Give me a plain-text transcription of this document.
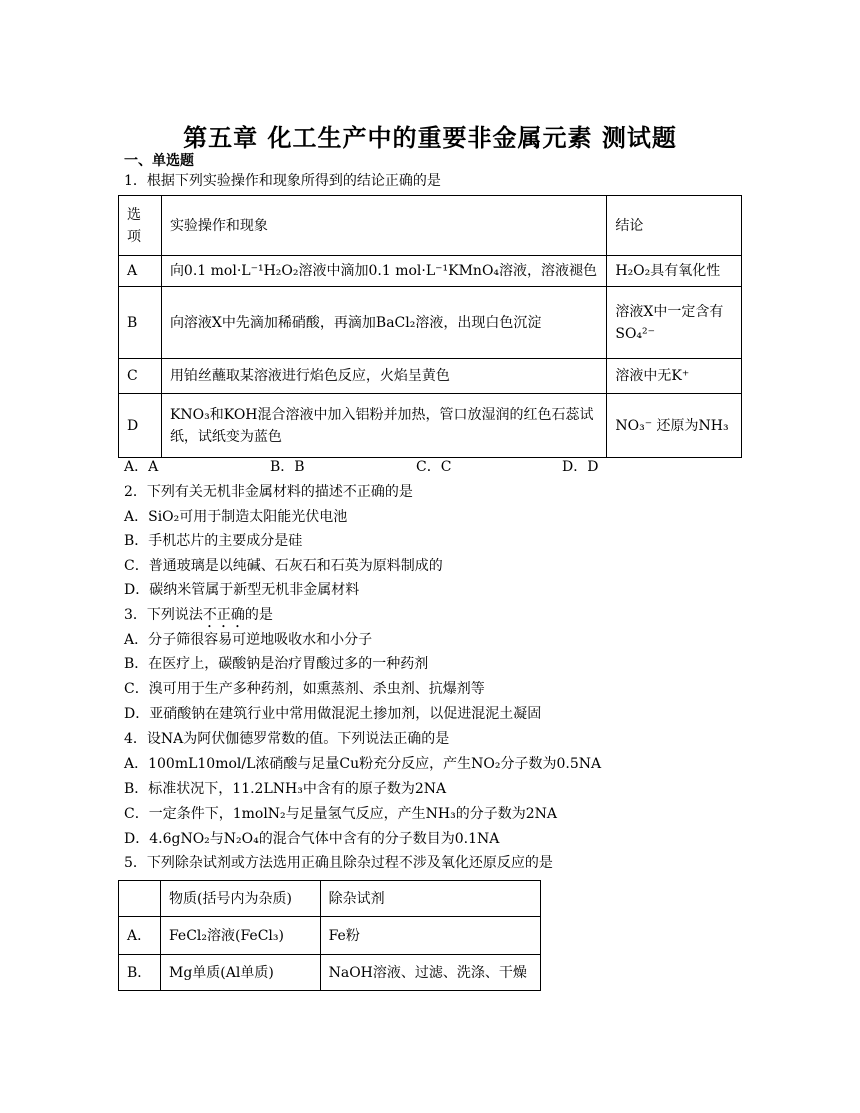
第五章 化工生产中的重要非金属元素 测试题
一、单选题
1．根据下列实验操作和现象所得到的结论正确的是
选项	实验操作和现象	结论
A	向0.1 mol·L⁻¹H₂O₂溶液中滴加0.1 mol·L⁻¹KMnO₄溶液，溶液褪色	H₂O₂具有氧化性
B	向溶液X中先滴加稀硝酸，再滴加BaCl₂溶液，出现白色沉淀	溶液X中一定含有SO₄²⁻
C	用铂丝蘸取某溶液进行焰色反应，火焰呈黄色	溶液中无K⁺
D	KNO₃和KOH混合溶液中加入铝粉并加热，管口放湿润的红色石蕊试纸，试纸变为蓝色	NO₃⁻ 还原为NH₃
A．A	B．B	C．C	D．D
2．下列有关无机非金属材料的描述不正确的是
A．SiO₂可用于制造太阳能光伏电池
B．手机芯片的主要成分是硅
C．普通玻璃是以纯碱、石灰石和石英为原料制成的
D．碳纳米管属于新型无机非金属材料
3．下列说法不正确的是
A．分子筛很容易可逆地吸收水和小分子
B．在医疗上，碳酸钠是治疗胃酸过多的一种药剂
C．溴可用于生产多种药剂，如熏蒸剂、杀虫剂、抗爆剂等
D．亚硝酸钠在建筑行业中常用做混泥土掺加剂，以促进混泥土凝固
4．设NA为阿伏伽德罗常数的值。下列说法正确的是
A．100mL10mol/L浓硝酸与足量Cu粉充分反应，产生NO₂分子数为0.5NA
B．标准状况下，11.2LNH₃中含有的原子数为2NA
C．一定条件下，1molN₂与足量氢气反应，产生NH₃的分子数为2NA
D．4.6gNO₂与N₂O₄的混合气体中含有的分子数目为0.1NA
5．下列除杂试剂或方法选用正确且除杂过程不涉及氧化还原反应的是
	物质(括号内为杂质)	除杂试剂
A．	FeCl₂溶液(FeCl₃)	Fe粉
B．	Mg单质(Al单质)	NaOH溶液、过滤、洗涤、干燥
